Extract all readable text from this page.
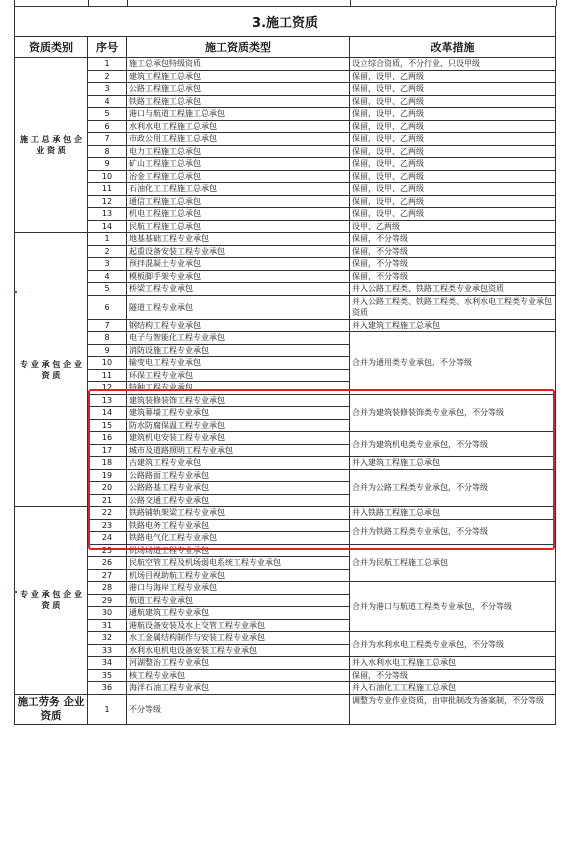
3.施工资质			
资质类别	序号	施工资质类型	改革措施
施 工 总 承 包 企 业 资 质	1	施工总承包特级资质	设立综合资质，不分行业、只设甲级
	2	建筑工程施工总承包	保留，设甲、乙两级
	3	公路工程施工总承包	保留，设甲、乙两级
	4	铁路工程施工总承包	保留，设甲、乙两级
	5	港口与航道工程施工总承包	保留，设甲、乙两级
	6	水利水电工程施工总承包	保留，设甲、乙两级
	7	市政公用工程施工总承包	保留，设甲、乙两级
	8	电力工程施工总承包	保留，设甲、乙两级
	9	矿山工程施工总承包	保留，设甲、乙两级
	10	冶金工程施工总承包	保留，设甲、乙两级
	11	石油化工工程施工总承包	保留，设甲、乙两级
	12	通信工程施工总承包	保留，设甲、乙两级
	13	机电工程施工总承包	保留，设甲、乙两级
	14	民航工程施工总承包	设甲、乙两级
专 业 承 包 企 业 资 质	1	地基基础工程专业承包	保留，不分等级
	2	起重设备安装工程专业承包	保留，不分等级
	3	预拌混凝土专业承包	保留，不分等级
	4	模板脚手架专业承包	保留，不分等级
	5	桥梁工程专业承包	并入公路工程类、铁路工程类专业承包资质
	6	隧道工程专业承包	并入公路工程类、铁路工程类、水利水电工程类专业承包资质
	7	钢结构工程专业承包	并入建筑工程施工总承包
	8	电子与智能化工程专业承包	合并为通用类专业承包，不分等级
	9	消防设施工程专业承包	
	10	输变电工程专业承包	
	11	环保工程专业承包	
	12	特种工程专业承包	
	13	建筑装修装饰工程专业承包	合并为建筑装修装饰类专业承包，不分等级
	14	建筑幕墙工程专业承包	
	15	防水防腐保温工程专业承包	
	16	建筑机电安装工程专业承包	合并为建筑机电类专业承包，不分等级
	17	城市及道路照明工程专业承包	
	18	古建筑工程专业承包	并入建筑工程施工总承包
	19	公路路面工程专业承包	合并为公路工程类专业承包，不分等级
	20	公路路基工程专业承包	
	21	公路交通工程专业承包	
专 业 承 包 企 业 资 质	22	铁路铺轨架梁工程专业承包	并入铁路工程施工总承包
	23	铁路电务工程专业承包	合并为铁路工程类专业承包，不分等级
	24	铁路电气化工程专业承包	
	25	机场场道工程专业承包	合并为民航工程施工总承包
	26	民航空管工程及机场弱电系统工程专业承包	
	27	机场目视助航工程专业承包	
	28	港口与海岸工程专业承包	合并为港口与航道工程类专业承包，不分等级
	29	航道工程专业承包	
	30	通航建筑工程专业承包	
	31	港航设备安装及水上交管工程专业承包	
	32	水工金属结构制作与安装工程专业承包	合并为水利水电工程类专业承包，不分等级
	33	水利水电机电设备安装工程专业承包	
	34	河湖整治工程专业承包	并入水利水电工程施工总承包
	35	核工程专业承包	保留，不分等级
	36	海洋石油工程专业承包	并入石油化工工程施工总承包
施工劳务 企业资质	1	不分等级	调整为专业作业资质，由审批制改为备案制，不分等级
